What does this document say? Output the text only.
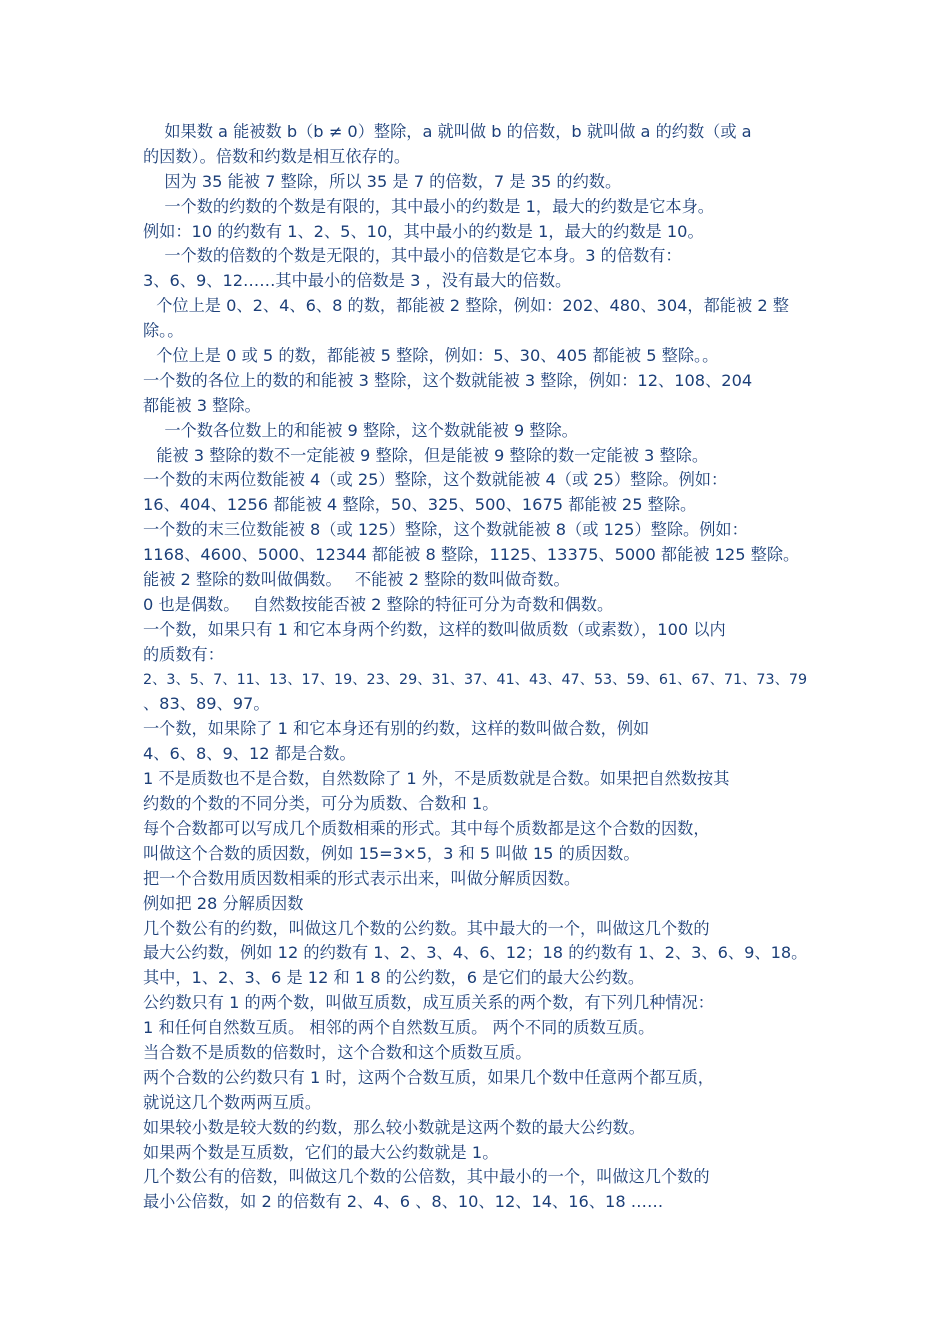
　 如果数 a 能被数 b（b ≠ 0）整除，a 就叫做 b 的倍数，b 就叫做 a 的约数（或 a
的因数）。倍数和约数是相互依存的。
　 因为 35 能被 7 整除，所以 35 是 7 的倍数，7 是 35 的约数。
　 一个数的约数的个数是有限的，其中最小的约数是 1，最大的约数是它本身。
例如：10 的约数有 1、2、5、10，其中最小的约数是 1，最大的约数是 10。
　 一个数的倍数的个数是无限的，其中最小的倍数是它本身。3 的倍数有：
3、6、9、12……其中最小的倍数是 3 ，没有最大的倍数。
  个位上是 0、2、4、6、8 的数，都能被 2 整除，例如：202、480、304，都能被 2 整
除。。
  个位上是 0 或 5 的数，都能被 5 整除，例如：5、30、405 都能被 5 整除。。
一个数的各位上的数的和能被 3 整除，这个数就能被 3 整除，例如：12、108、204
都能被 3 整除。
　 一个数各位数上的和能被 9 整除，这个数就能被 9 整除。
  能被 3 整除的数不一定能被 9 整除，但是能被 9 整除的数一定能被 3 整除。
一个数的末两位数能被 4（或 25）整除，这个数就能被 4（或 25）整除。例如：
16、404、1256 都能被 4 整除，50、325、500、1675 都能被 25 整除。
一个数的末三位数能被 8（或 125）整除，这个数就能被 8（或 125）整除。例如：
1168、4600、5000、12344 都能被 8 整除，1125、13375、5000 都能被 125 整除。
能被 2 整除的数叫做偶数。　 不能被 2 整除的数叫做奇数。
0 也是偶数。　 自然数按能否被 2 整除的特征可分为奇数和偶数。
一个数，如果只有 1 和它本身两个约数，这样的数叫做质数（或素数），100 以内
的质数有：
2、3、5、7、11、13、17、19、23、29、31、37、41、43、47、53、59、61、67、71、73、79
、83、89、97。
一个数，如果除了 1 和它本身还有别的约数，这样的数叫做合数，例如
4、6、8、9、12 都是合数。
1 不是质数也不是合数，自然数除了 1 外，不是质数就是合数。如果把自然数按其
约数的个数的不同分类，可分为质数、合数和 1。
每个合数都可以写成几个质数相乘的形式。其中每个质数都是这个合数的因数，
叫做这个合数的质因数，例如 15=3×5，3 和 5 叫做 15 的质因数。
把一个合数用质因数相乘的形式表示出来，叫做分解质因数。
例如把 28 分解质因数
几个数公有的约数，叫做这几个数的公约数。其中最大的一个，叫做这几个数的
最大公约数，例如 12 的约数有 1、2、3、4、6、12；18 的约数有 1、2、3、6、9、18。
其中，1、2、3、6 是 12 和 1 8 的公约数，6 是它们的最大公约数。
公约数只有 1 的两个数，叫做互质数，成互质关系的两个数，有下列几种情况：
1 和任何自然数互质。 相邻的两个自然数互质。 两个不同的质数互质。
当合数不是质数的倍数时，这个合数和这个质数互质。
两个合数的公约数只有 1 时，这两个合数互质，如果几个数中任意两个都互质，
就说这几个数两两互质。
如果较小数是较大数的约数，那么较小数就是这两个数的最大公约数。
如果两个数是互质数，它们的最大公约数就是 1。
几个数公有的倍数，叫做这几个数的公倍数，其中最小的一个，叫做这几个数的
最小公倍数，如 2 的倍数有 2、4、6 、8、10、12、14、16、18 ……
